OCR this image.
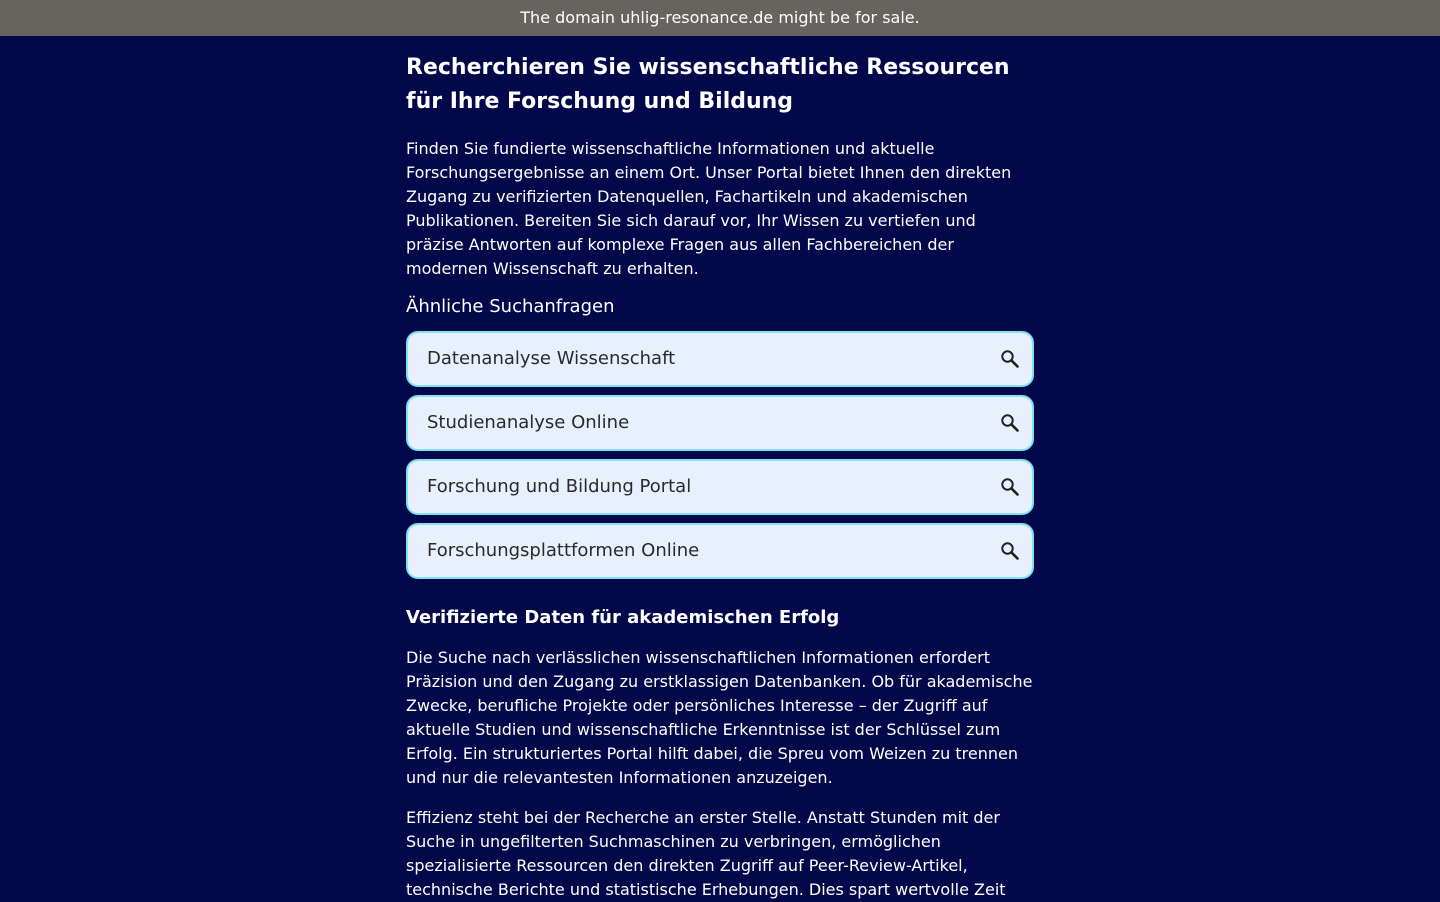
The domain uhlig-resonance.de might be for sale.
Recherchieren Sie wissenschaftliche Ressourcen für Ihre Forschung und Bildung

Finden Sie fundierte wissenschaftliche Informationen und aktuelle Forschungsergebnisse an einem Ort. Unser Portal bietet Ihnen den direkten Zugang zu verifizierten Datenquellen, Fachartikeln und akademischen Publikationen. Bereiten Sie sich darauf vor, Ihr Wissen zu vertiefen und präzise Antworten auf komplexe Fragen aus allen Fachbereichen der modernen Wissenschaft zu erhalten.

Ähnliche Suchanfragen
Datenanalyse Wissenschaft
Studienanalyse Online
Forschung und Bildung Portal
Forschungsplattformen Online
Verifizierte Daten für akademischen Erfolg

Die Suche nach verlässlichen wissenschaftlichen Informationen erfordert Präzision und den Zugang zu erstklassigen Datenbanken. Ob für akademische Zwecke, berufliche Projekte oder persönliches Interesse – der Zugriff auf aktuelle Studien und wissenschaftliche Erkenntnisse ist der Schlüssel zum Erfolg. Ein strukturiertes Portal hilft dabei, die Spreu vom Weizen zu trennen und nur die relevantesten Informationen anzuzeigen.

Effizienz steht bei der Recherche an erster Stelle. Anstatt Stunden mit der Suche in ungefilterten Suchmaschinen zu verbringen, ermöglichen spezialisierte Ressourcen den direkten Zugriff auf Peer-Review-Artikel, technische Berichte und statistische Erhebungen. Dies spart wertvolle Zeit
